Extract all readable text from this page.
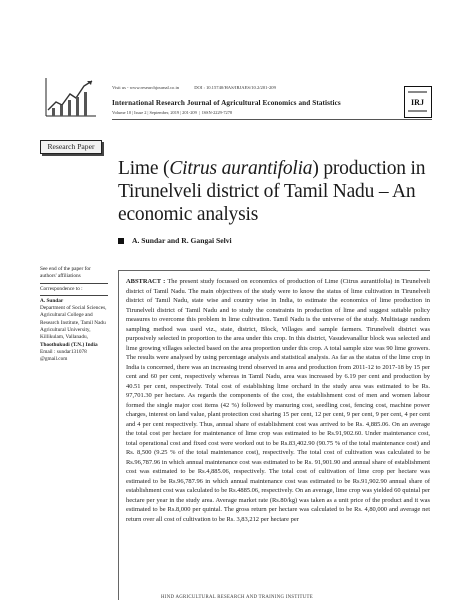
Visit us - www.researchjournal.co.in	DOI : 10.15740/HAS/IRJAES/10.2/201-209
International Research Journal of Agricultural Economics and Statistics
Volume 10 | Issue 2 | September, 2019 | 201-209  |  ISSN-2229-7278
IRJ
Research Paper
Lime (Citrus aurantifolia) production in Tirunelveli district of Tamil Nadu – An economic analysis
A. Sundar and R. Gangai Selvi
See end of the paper for authors' affiliations
Correspondence to :
A. Sundar
Department of Social Sciences, Agricultural College and Research Institute, Tamil Nadu Agricultural University, Killikulam, Vallanadu,
Thoothukudi (T.N.) India
Email : sundar131078 @gmail.com
ABSTRACT : The present study focussed on economics of production of Lime (Citrus aurantifolia) in Tirunelveli district of Tamil Nadu. The main objectives of the study were to know the status of lime cultivation in Tirunelveli district of Tamil Nadu, state wise and country wise in India, to estimate the economics of lime production in Tirunelveli district of Tamil Nadu and to study the constraints in production of lime and suggest suitable policy measures to overcome this problem in lime cultivation. Tamil Nadu is the universe of the study. Multistage random sampling method was used viz., state, district, Block, Villages and sample farmers. Tirunelveli district was purposively selected in proportion to the area under this crop. In this district, Vasudevanallur block was selected and lime growing villages selected based on the area proportion under this crop. A total sample size was 90 lime growers. The results were analysed by using percentage analysis and statistical analysis. As far as the status of the lime crop in India is concerned, there was an increasing trend observed in area and production from 2011-12 to 2017-18 by 15 per cent and 60 per cent, respectively whereas in Tamil Nadu, area was increased by 6.19 per cent and production by 40.51 per cent, respectively. Total cost of establishing lime orchard in the study area was estimated to be Rs. 97,701.30 per hectare. As regards the components of the cost, the establishment cost of men and women labour formed the single major cost items (42 %) followed by manuring cost, seedling cost, fencing cost, machine power charges, interest on land value, plant protection cost sharing 15 per cent, 12 per cent, 9 per cent, 9 per cent, 4 per cent and 4 per cent respectively. Thus, annual share of establishment cost was arrived to be Rs. 4,885.06. On an average the total cost per hectare for maintenance of lime crop was estimated to be Rs.91,902.60. Under maintenance cost, total operational cost and fixed cost were worked out to be Rs.83,402.90 (90.75 % of the total maintenance cost) and Rs. 8,500 (9.25 % of the total maintenance cost), respectively. The total cost of cultivation was calculated to be Rs.96,787.96 in which annual maintenance cost was estimated to be Rs. 91,901.90 and annual share of establishment cost was estimated to be Rs.4,885.06, respectively. The total cost of cultivation of lime crop per hectare was estimated to be Rs.96,787.96 in which annual maintenance cost was estimated to be Rs.91,902.90 annual share of establishment cost was calculated to be Rs.4885.06, respectively. On an average, lime crop was yielded 60 quintal per hectare per year in the study area. Average market rate (Rs.80/kg) was taken as a unit price of the product and it was estimated to be Rs.8,000 per quintal. The gross return per hectare was calculated to be Rs. 4,80,000 and average net return over all cost of cultivation to be Rs. 3,83,212 per hectare per
HIND AGRICULTURAL RESEARCH AND TRAINING INSTITUTE
